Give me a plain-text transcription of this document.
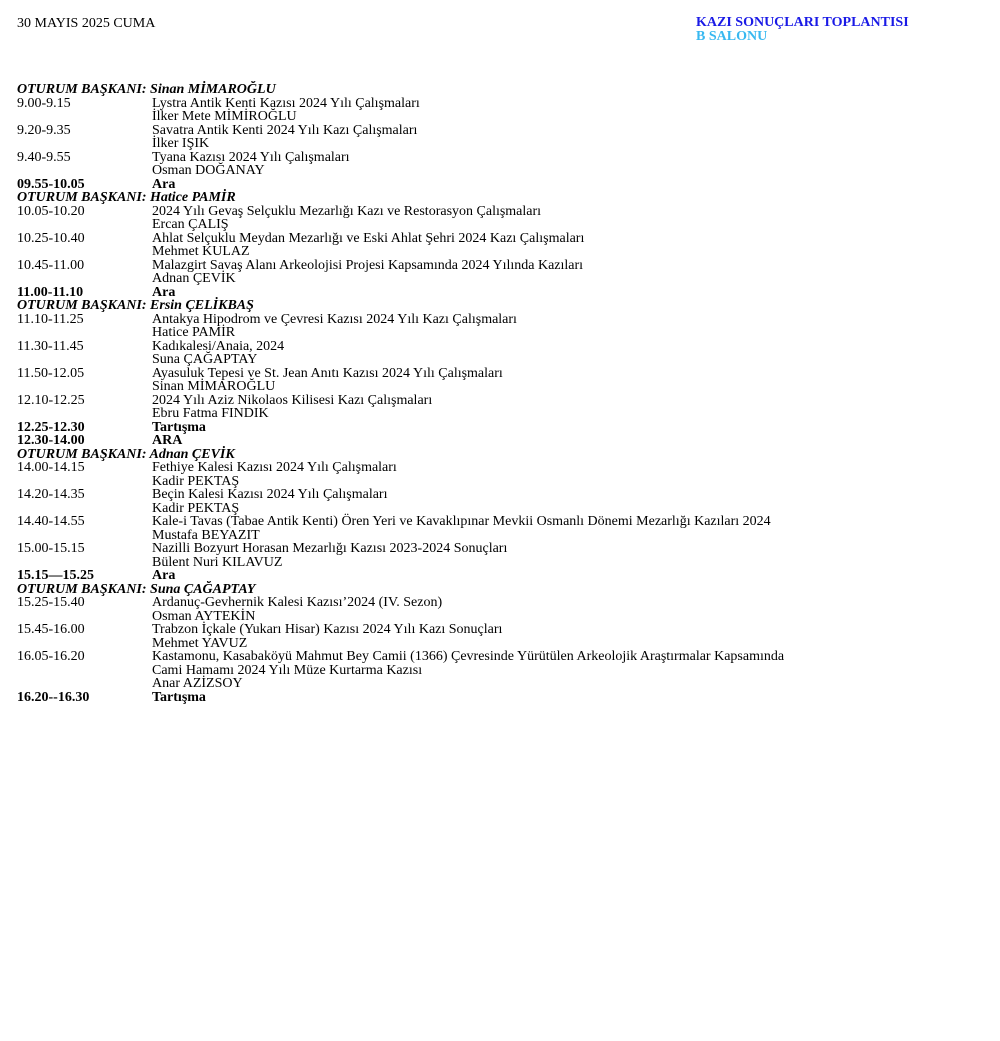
30 MAYIS 2025 CUMA	KAZI SONUÇLARI TOPLANTISI
B SALONU
OTURUM BAŞKANI: Sinan MİMAROĞLU
9.00-9.15	Lystra Antik Kenti Kazısı 2024 Yılı Çalışmaları
İlker Mete MİMİROĞLU
9.20-9.35	Savatra Antik Kenti 2024 Yılı Kazı Çalışmaları
İlker IŞIK
9.40-9.55	Tyana Kazısı 2024 Yılı Çalışmaları
Osman DOĞANAY
09.55-10.05	Ara
OTURUM BAŞKANI: Hatice PAMİR
10.05-10.20	2024 Yılı Gevaş Selçuklu Mezarlığı Kazı ve Restorasyon Çalışmaları
Ercan ÇALIŞ
10.25-10.40	Ahlat Selçuklu Meydan Mezarlığı ve Eski Ahlat Şehri 2024 Kazı Çalışmaları
Mehmet KULAZ
10.45-11.00	Malazgirt Savaş Alanı Arkeolojisi Projesi Kapsamında 2024 Yılında Kazıları
Adnan ÇEVİK
11.00-11.10	Ara
OTURUM BAŞKANI: Ersin ÇELİKBAŞ
11.10-11.25	Antakya Hipodrom ve Çevresi Kazısı 2024 Yılı Kazı Çalışmaları
Hatice PAMİR
11.30-11.45	Kadıkalesi/Anaia, 2024
Suna ÇAĞAPTAY
11.50-12.05	Ayasuluk Tepesi ve St. Jean Anıtı Kazısı 2024 Yılı Çalışmaları
Sinan MİMAROĞLU
12.10-12.25	2024 Yılı Aziz Nikolaos Kilisesi Kazı Çalışmaları
Ebru Fatma FINDIK
12.25-12.30	Tartışma
12.30-14.00	ARA
OTURUM BAŞKANI: Adnan ÇEVİK
14.00-14.15	Fethiye Kalesi Kazısı 2024 Yılı Çalışmaları
Kadir PEKTAŞ
14.20-14.35	Beçin Kalesi Kazısı 2024 Yılı Çalışmaları
Kadir PEKTAŞ
14.40-14.55	Kale-i Tavas (Tabae Antik Kenti) Ören Yeri ve Kavaklıpınar Mevkii Osmanlı Dönemi Mezarlığı Kazıları 2024
Mustafa BEYAZIT
15.00-15.15	Nazilli Bozyurt Horasan Mezarlığı Kazısı 2023-2024 Sonuçları
Bülent Nuri KILAVUZ
15.15—15.25	Ara
OTURUM BAŞKANI: Suna ÇAĞAPTAY
15.25-15.40	Ardanuç-Gevhernik Kalesi Kazısı’2024 (IV. Sezon)
Osman AYTEKİN
15.45-16.00	Trabzon İçkale (Yukarı Hisar) Kazısı 2024 Yılı Kazı Sonuçları
Mehmet YAVUZ
16.05-16.20	Kastamonu, Kasabaköyü Mahmut Bey Camii (1366) Çevresinde Yürütülen Arkeolojik Araştırmalar Kapsamında
Cami Hamamı 2024 Yılı Müze Kurtarma Kazısı
Anar AZİZSOY
16.20--16.30	Tartışma
